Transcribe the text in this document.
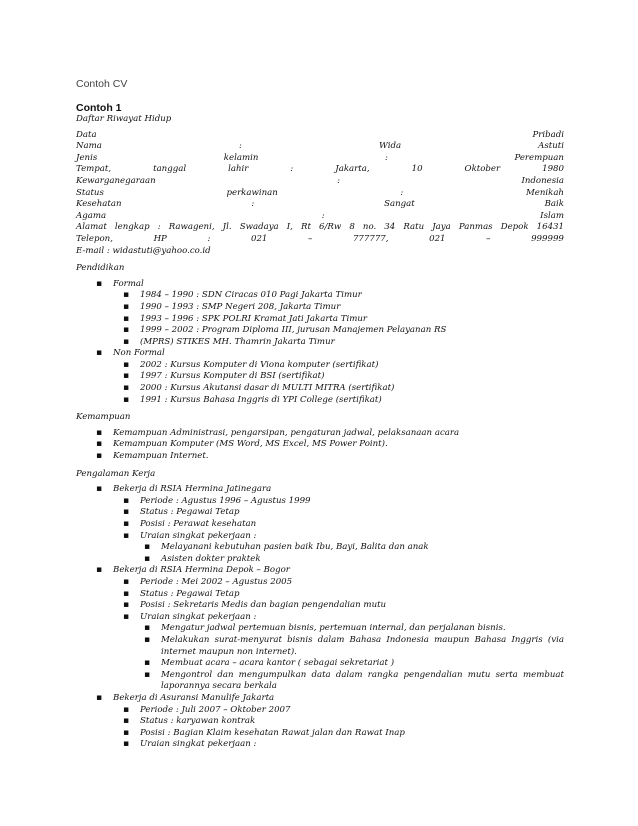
Contoh CV
Contoh 1
Daftar Riwayat Hidup
Data	Pribadi
Nama	:	Wida	Astuti
Jenis	kelamin	:	Perempuan
Tempat,	tanggal	lahir	:	Jakarta,	10	Oktober	1980
Kewarganegaraan	:	Indonesia
Status	perkawinan	:	Menikah
Kesehatan	:	Sangat	Baik
Agama	:	Islam
Alamat lengkap : Rawageni, Jl. Swadaya I, Rt 6/Rw 8 no. 34 Ratu Jaya Panmas Depok 16431
Telepon,	HP	:	021	–	777777,	021	–	999999
E-mail : widastuti@yahoo.co.id
Pendidikan
▪ Formal
▪ 1984 – 1990 : SDN Ciracas 010 Pagi Jakarta Timur
▪ 1990 – 1993 : SMP Negeri 208, Jakarta Timur
▪ 1993 – 1996 : SPK POLRI Kramat Jati Jakarta Timur
▪ 1999 – 2002 : Program Diploma III, jurusan Manajemen Pelayanan RS
▪ (MPRS) STIKES MH. Thamrin Jakarta Timur
▪ Non Formal
▪ 2002 : Kursus Komputer di Viona komputer (sertifikat)
▪ 1997 : Kursus Komputer di BSI (sertifikat)
▪ 2000 : Kursus Akutansi dasar di MULTI MITRA (sertifikat)
▪ 1991 : Kursus Bahasa Inggris di YPI College (sertifikat)
Kemampuan
▪ Kemampuan Administrasi, pengarsipan, pengaturan jadwal, pelaksanaan acara
▪ Kemampuan Komputer (MS Word, MS Excel, MS Power Point).
▪ Kemampuan Internet.
Pengalaman Kerja
▪ Bekerja di RSIA Hermina Jatinegara
▪ Periode : Agustus 1996 – Agustus 1999
▪ Status : Pegawai Tetap
▪ Posisi : Perawat kesehatan
▪ Uraian singkat pekerjaan :
▪ Melayanani kebutuhan pasien baik Ibu, Bayi, Balita dan anak
▪ Asisten dokter praktek
▪ Bekerja di RSIA Hermina Depok – Bogor
▪ Periode : Mei 2002 – Agustus 2005
▪ Status : Pegawai Tetap
▪ Posisi : Sekretaris Medis dan bagian pengendalian mutu
▪ Uraian singkat pekerjaan :
▪ Mengatur jadwal pertemuan bisnis, pertemuan internal, dan perjalanan bisnis.
▪ Melakukan surat-menyurat bisnis dalam Bahasa Indonesia maupun Bahasa Inggris (via internet maupun non internet).
▪ Membuat acara – acara kantor ( sebagai sekretariat )
▪ Mengontrol dan mengumpulkan data dalam rangka pengendalian mutu serta membuat laporannya secara berkala
▪ Bekerja di Asuransi Manulife Jakarta
▪ Periode : Juli 2007 – Oktober 2007
▪ Status : karyawan kontrak
▪ Posisi : Bagian Klaim kesehatan Rawat jalan dan Rawat Inap
▪ Uraian singkat pekerjaan :
